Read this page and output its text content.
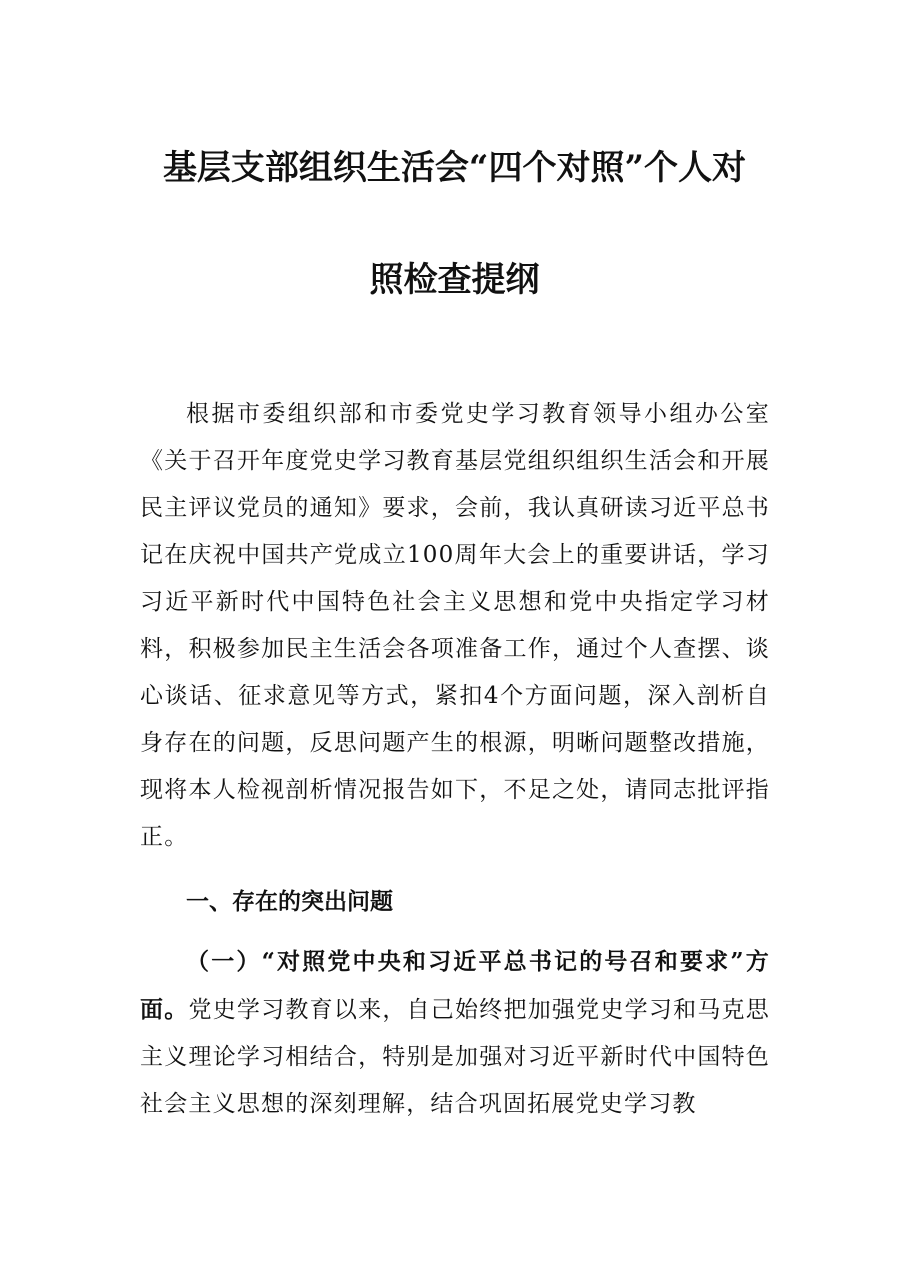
基层支部组织生活会“四个对照”个人对
照检查提纲
根据市委组织部和市委党史学习教育领导小组办公室《关于召开年度党史学习教育基层党组织组织生活会和开展民主评议党员的通知》要求，会前，我认真研读习近平总书记在庆祝中国共产党成立100周年大会上的重要讲话，学习习近平新时代中国特色社会主义思想和党中央指定学习材料，积极参加民主生活会各项准备工作，通过个人查摆、谈心谈话、征求意见等方式，紧扣4个方面问题，深入剖析自身存在的问题，反思问题产生的根源，明晰问题整改措施，现将本人检视剖析情况报告如下，不足之处，请同志批评指正。
一、存在的突出问题
（一）“对照党中央和习近平总书记的号召和要求”方面。党史学习教育以来，自己始终把加强党史学习和马克思主义理论学习相结合，特别是加强对习近平新时代中国特色社会主义思想的深刻理解，结合巩固拓展党史学习教
